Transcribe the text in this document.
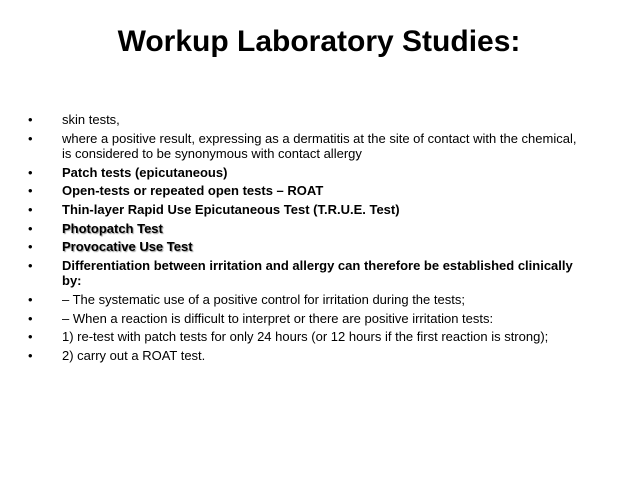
Workup Laboratory Studies:
•	skin tests,
•	where a positive result, expressing as a dermatitis at the site of contact with the chemical, is considered to be synonymous with contact allergy
•	Patch tests (epicutaneous)
•	Open-tests or repeated open tests – ROAT
•	Thin-layer Rapid Use Epicutaneous Test (T.R.U.E. Test)
•	Photopatch Test
•	Provocative Use Test
•	Differentiation between irritation and allergy can therefore be established clinically by:
•	– The systematic use of a positive control for irritation during the tests;
•	– When a reaction is difficult to interpret or there are positive irritation tests:
•	1) re-test with patch tests for only 24 hours (or 12 hours if the first reaction is strong);
•	2) carry out a ROAT test.
